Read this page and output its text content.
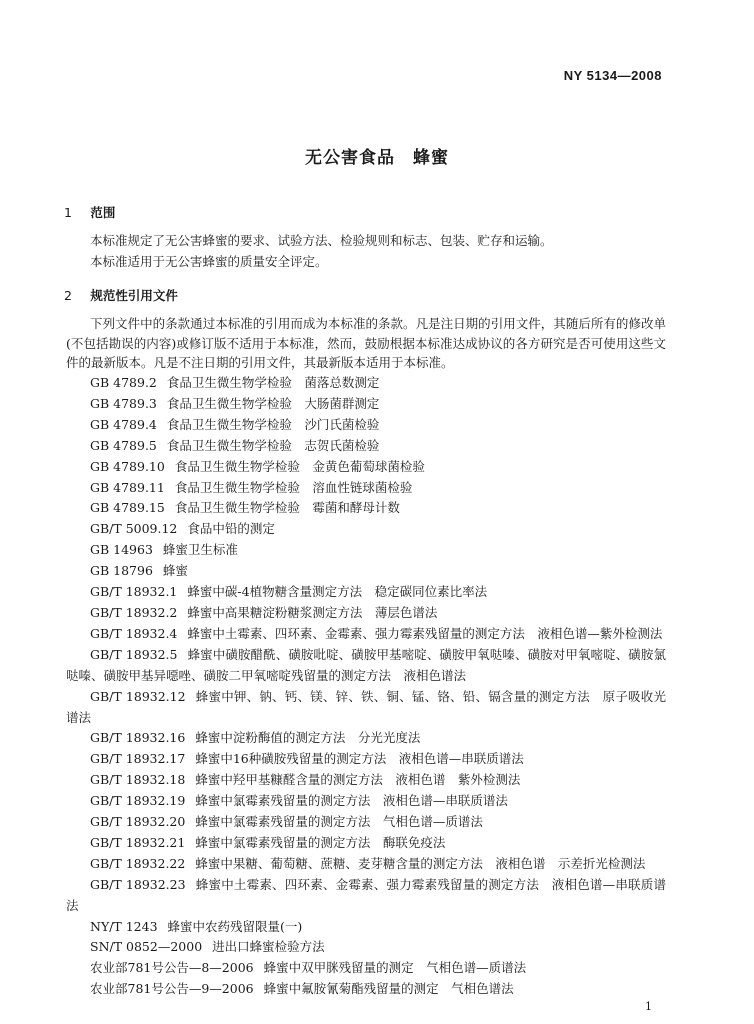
NY 5134—2008
无公害食品　蜂蜜
1 范围
本标准规定了无公害蜂蜜的要求、试验方法、检验规则和标志、包装、贮存和运输。
本标准适用于无公害蜂蜜的质量安全评定。
2 规范性引用文件
下列文件中的条款通过本标准的引用而成为本标准的条款。凡是注日期的引用文件，其随后所有的修改单(不包括勘误的内容)或修订版不适用于本标准，然而，鼓励根据本标准达成协议的各方研究是否可使用这些文件的最新版本。凡是不注日期的引用文件，其最新版本适用于本标准。
GB 4789.2 食品卫生微生物学检验　菌落总数测定
GB 4789.3 食品卫生微生物学检验　大肠菌群测定
GB 4789.4 食品卫生微生物学检验　沙门氏菌检验
GB 4789.5 食品卫生微生物学检验　志贺氏菌检验
GB 4789.10 食品卫生微生物学检验　金黄色葡萄球菌检验
GB 4789.11 食品卫生微生物学检验　溶血性链球菌检验
GB 4789.15 食品卫生微生物学检验　霉菌和酵母计数
GB/T 5009.12 食品中铅的测定
GB 14963 蜂蜜卫生标准
GB 18796 蜂蜜
GB/T 18932.1 蜂蜜中碳-4植物糖含量测定方法　稳定碳同位素比率法
GB/T 18932.2 蜂蜜中高果糖淀粉糖浆测定方法　薄层色谱法
GB/T 18932.4 蜂蜜中土霉素、四环素、金霉素、强力霉素残留量的测定方法　液相色谱—紫外检测法
GB/T 18932.5 蜂蜜中磺胺醋酰、磺胺吡啶、磺胺甲基嘧啶、磺胺甲氧哒嗪、磺胺对甲氧嘧啶、磺胺氯哒嗪、磺胺甲基异噁唑、磺胺二甲氧嘧啶残留量的测定方法　液相色谱法
GB/T 18932.12 蜂蜜中钾、钠、钙、镁、锌、铁、铜、锰、铬、铅、镉含量的测定方法　原子吸收光谱法
GB/T 18932.16 蜂蜜中淀粉酶值的测定方法　分光光度法
GB/T 18932.17 蜂蜜中16种磺胺残留量的测定方法　液相色谱—串联质谱法
GB/T 18932.18 蜂蜜中羟甲基糠醛含量的测定方法　液相色谱　紫外检测法
GB/T 18932.19 蜂蜜中氯霉素残留量的测定方法　液相色谱—串联质谱法
GB/T 18932.20 蜂蜜中氯霉素残留量的测定方法　气相色谱—质谱法
GB/T 18932.21 蜂蜜中氯霉素残留量的测定方法　酶联免疫法
GB/T 18932.22 蜂蜜中果糖、葡萄糖、蔗糖、麦芽糖含量的测定方法　液相色谱　示差折光检测法
GB/T 18932.23 蜂蜜中土霉素、四环素、金霉素、强力霉素残留量的测定方法　液相色谱—串联质谱法
NY/T 1243 蜂蜜中农药残留限量(一)
SN/T 0852—2000 进出口蜂蜜检验方法
农业部781号公告—8—2006 蜂蜜中双甲脒残留量的测定　气相色谱—质谱法
农业部781号公告—9—2006 蜂蜜中氟胺氰菊酯残留量的测定　气相色谱法
1
